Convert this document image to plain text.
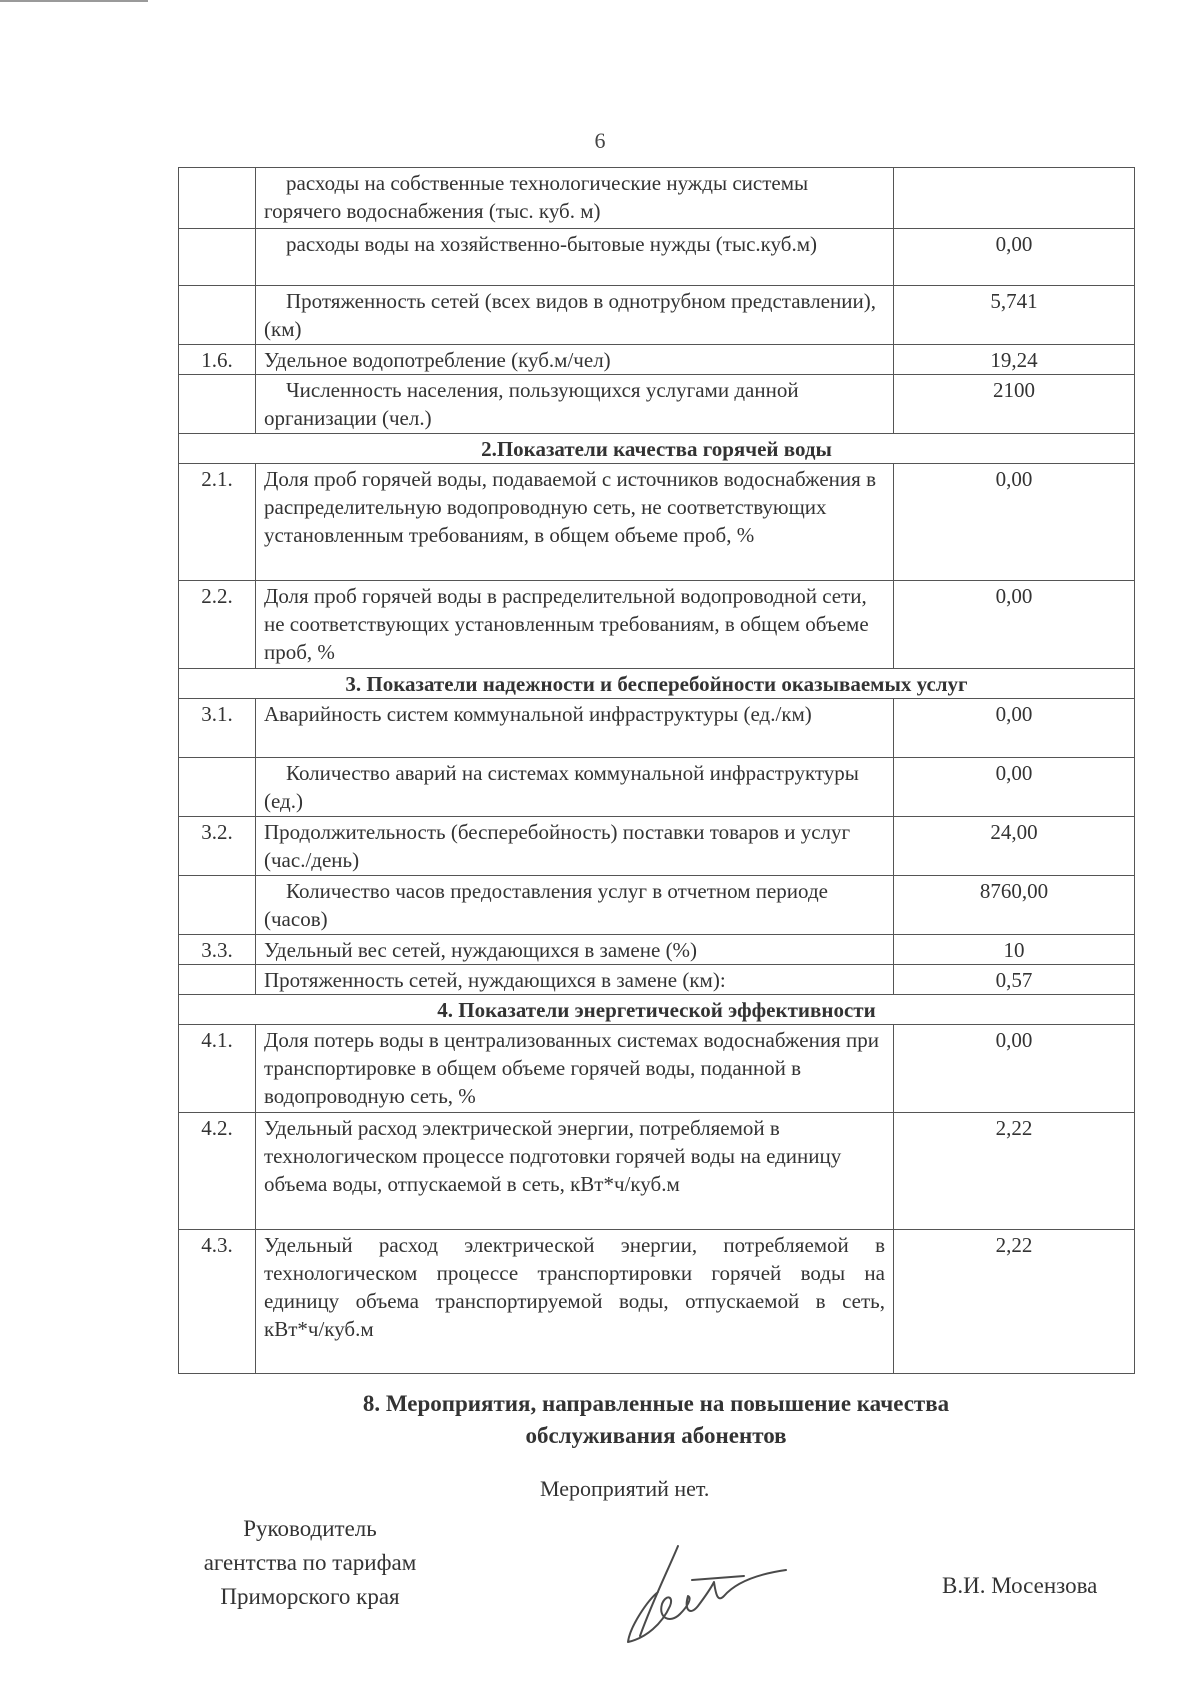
6
	расходы на собственные технологические нужды системы горячего водоснабжения (тыс. куб. м)	
	расходы воды на хозяйственно-бытовые нужды (тыс.куб.м)	0,00
	Протяженность сетей (всех видов в однотрубном представлении), (км)	5,741
1.6.	Удельное водопотребление (куб.м/чел)	19,24
	Численность населения, пользующихся услугами данной организации (чел.)	2100
2.Показатели качества горячей воды		
2.1.	Доля проб горячей воды, подаваемой с источников водоснабжения в распределительную водопроводную сеть, не соответствующих установленным требованиям, в общем объеме проб, %	0,00
2.2.	Доля проб горячей воды в распределительной водопроводной сети, не соответствующих установленным требованиям, в общем объеме проб, %	0,00
3. Показатели надежности и бесперебойности оказываемых услуг		
3.1.	Аварийность систем коммунальной инфраструктуры (ед./км)	0,00
	Количество аварий на системах коммунальной инфраструктуры (ед.)	0,00
3.2.	Продолжительность (бесперебойность) поставки товаров и услуг (час./день)	24,00
	Количество часов предоставления услуг в отчетном периоде (часов)	8760,00
3.3.	Удельный вес сетей, нуждающихся в замене (%)	10
	Протяженность сетей, нуждающихся в замене (км):	0,57
4. Показатели энергетической эффективности		
4.1.	Доля потерь воды в централизованных системах водоснабжения при транспортировке в общем объеме горячей воды, поданной в водопроводную сеть, %	0,00
4.2.	Удельный расход электрической энергии, потребляемой в технологическом процессе подготовки горячей воды на единицу объема воды, отпускаемой в сеть, кВт*ч/куб.м	2,22
4.3.	Удельный расход электрической энергии, потребляемой в технологическом процессе транспортировки горячей воды на единицу объема транспортируемой воды, отпускаемой в сеть,
кВт*ч/куб.м	2,22
8. Мероприятия, направленные на повышение качества
обслуживания абонентов
Мероприятий нет.
Руководитель
агентства по тарифам
Приморского края	В.И. Мосензова
